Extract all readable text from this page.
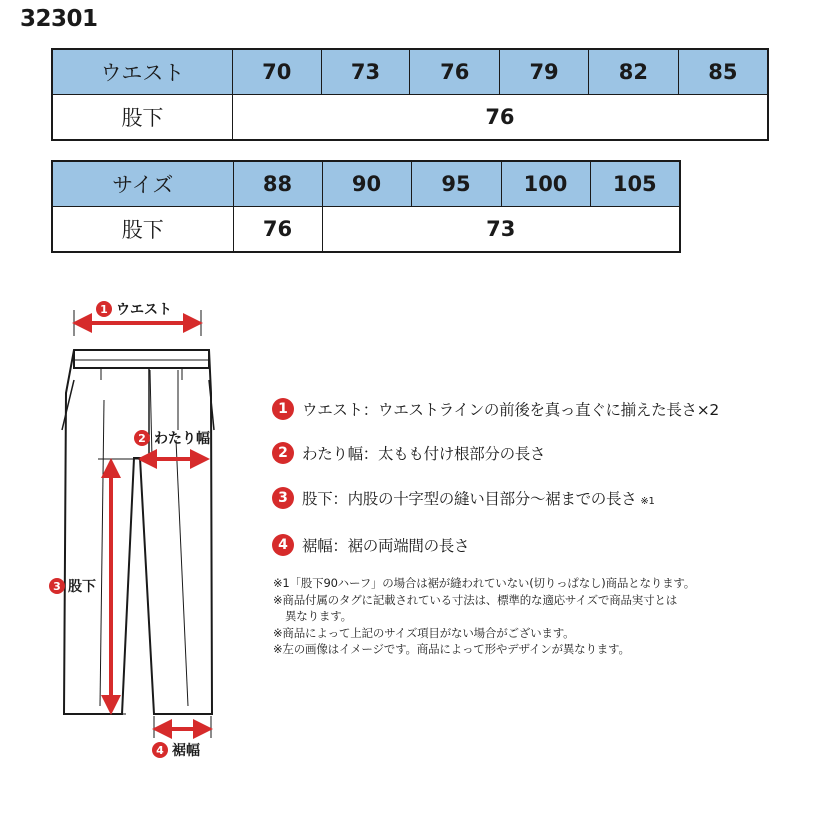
32301
ウエスト	70	73	76	79	82	85
股下	76					
サイズ	88	90	95	100	105
股下	76	73			
1 ウエスト
2 わたり幅
3 股下
4 裾幅
1 ウエスト：ウエストラインの前後を真っ直ぐに揃えた長さ×2
2 わたり幅：太もも付け根部分の長さ
3 股下：内股の十字型の縫い目部分～裾までの長さ ※1
4 裾幅：裾の両端間の長さ

※1「股下90ハーフ」の場合は裾が縫われていない(切りっぱなし)商品となります。

※商品付属のタグに記載されている寸法は、標準的な適応サイズで商品実寸とは

異なります。

※商品によって上記のサイズ項目がない場合がございます。

※左の画像はイメージです。商品によって形やデザインが異なります。
